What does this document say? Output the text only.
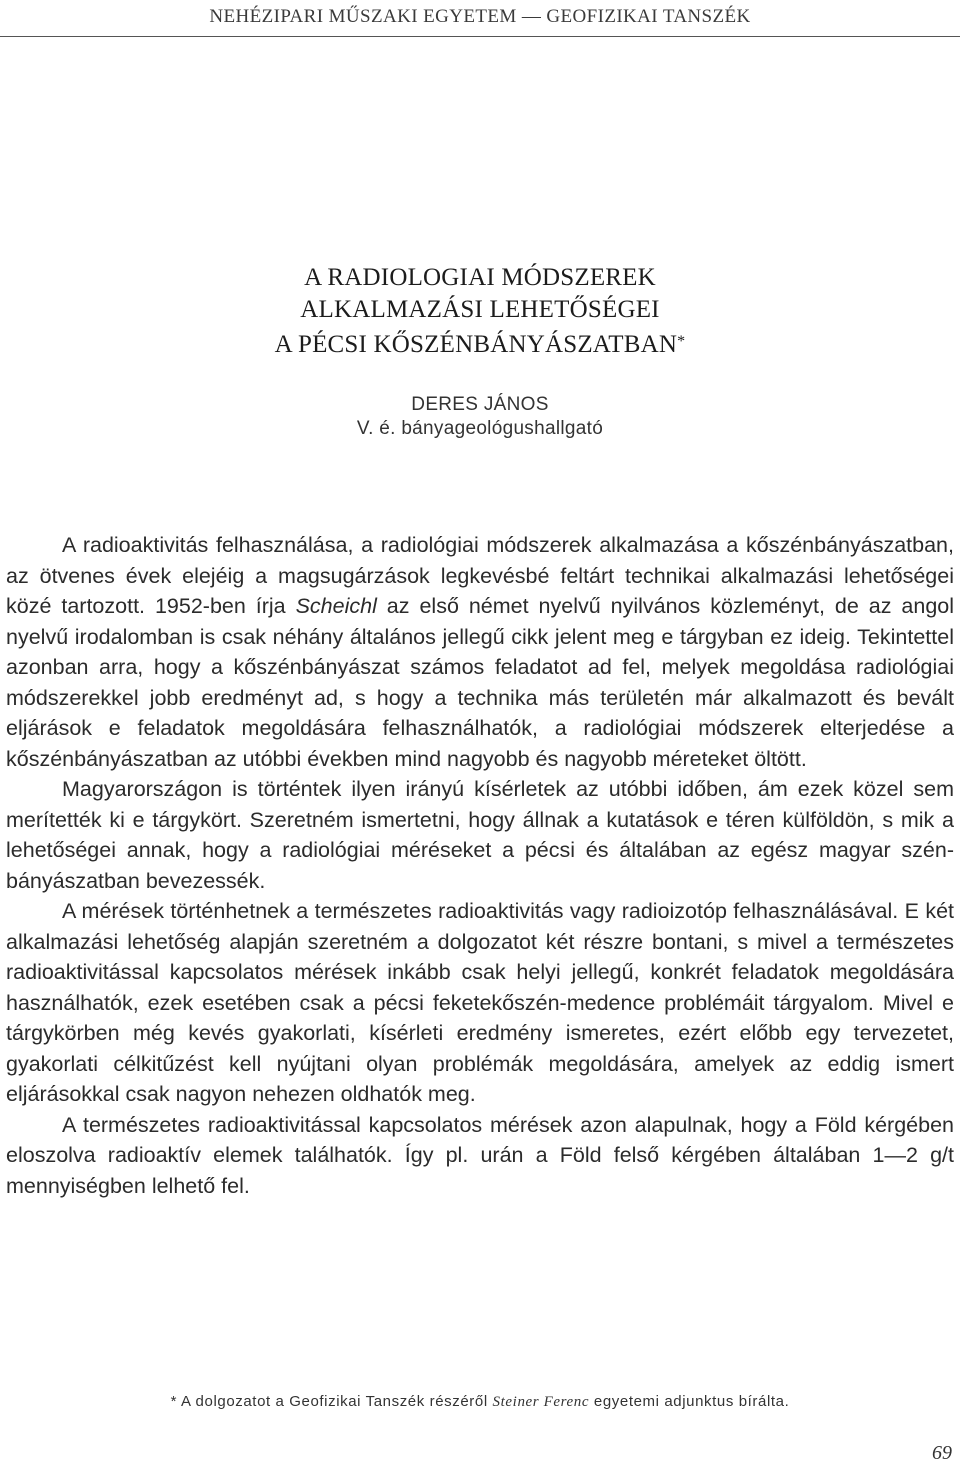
NEHÉZIPARI MŰSZAKI EGYETEM — GEOFIZIKAI TANSZÉK
A RADIOLOGIAI MÓDSZEREK
ALKALMAZÁSI LEHETŐSÉGEI
A PÉCSI KŐSZÉNBÁNYÁSZATBAN*
DERES JÁNOS
V. é. bányageológushallgató

A radioaktivitás felhasználása, a radiológiai módszerek alkalmazása a kőszénbányászatban, az ötvenes évek elejéig a magsugárzások legkevésbé feltárt technikai alkalmazási lehetőségei közé tartozott. 1952-ben írja Scheichl az első német nyelvű nyilvános közleményt, de az angol nyelvű irodalomban is csak néhány általános jellegű cikk jelent meg e tárgyban ez ideig. Tekintettel azonban arra, hogy a kőszénbányászat számos feladatot ad fel, melyek megoldása radiológiai módszerekkel jobb eredményt ad, s hogy a technika más területén már alkalmazott és bevált eljárások e feladatok megoldására felhasználhatók, a radiológiai módszerek elterjedése a kőszénbányászatban az utóbbi években mind nagyobb és nagyobb méreteket öltött.

Magyarországon is történtek ilyen irányú kísérletek az utóbbi időben, ám ezek közel sem merítették ki e tárgykört. Szeretném ismertetni, hogy állnak a kutatások e téren külföldön, s mik a lehetőségei annak, hogy a radiológiai méréseket a pécsi és általában az egész magyar szénbányászatban bevezessék.

A mérések történhetnek a természetes radioaktivitás vagy radioizotóp felhasználásával. E két alkalmazási lehetőség alapján szeretném a dolgozatot két részre bontani, s mivel a természetes radioaktivitással kapcsolatos mérések inkább csak helyi jellegű, konkrét feladatok megoldására használhatók, ezek esetében csak a pécsi feketekőszén-medence problémáit tárgyalom. Mivel e tárgykörben még kevés gyakorlati, kísérleti eredmény ismeretes, ezért előbb egy tervezetet, gyakorlati célkitűzést kell nyújtani olyan problémák megoldására, amelyek az eddig ismert eljárásokkal csak nagyon nehezen oldhatók meg.

A természetes radioaktivitással kapcsolatos mérések azon alapulnak, hogy a Föld kérgében eloszolva radioaktív elemek találhatók. Így pl. urán a Föld felső kérgében általában 1—2 g/t mennyiségben lelhető fel.

* A dolgozatot a Geofizikai Tanszék részéről Steiner Ferenc egyetemi adjunktus bírálta.
69
